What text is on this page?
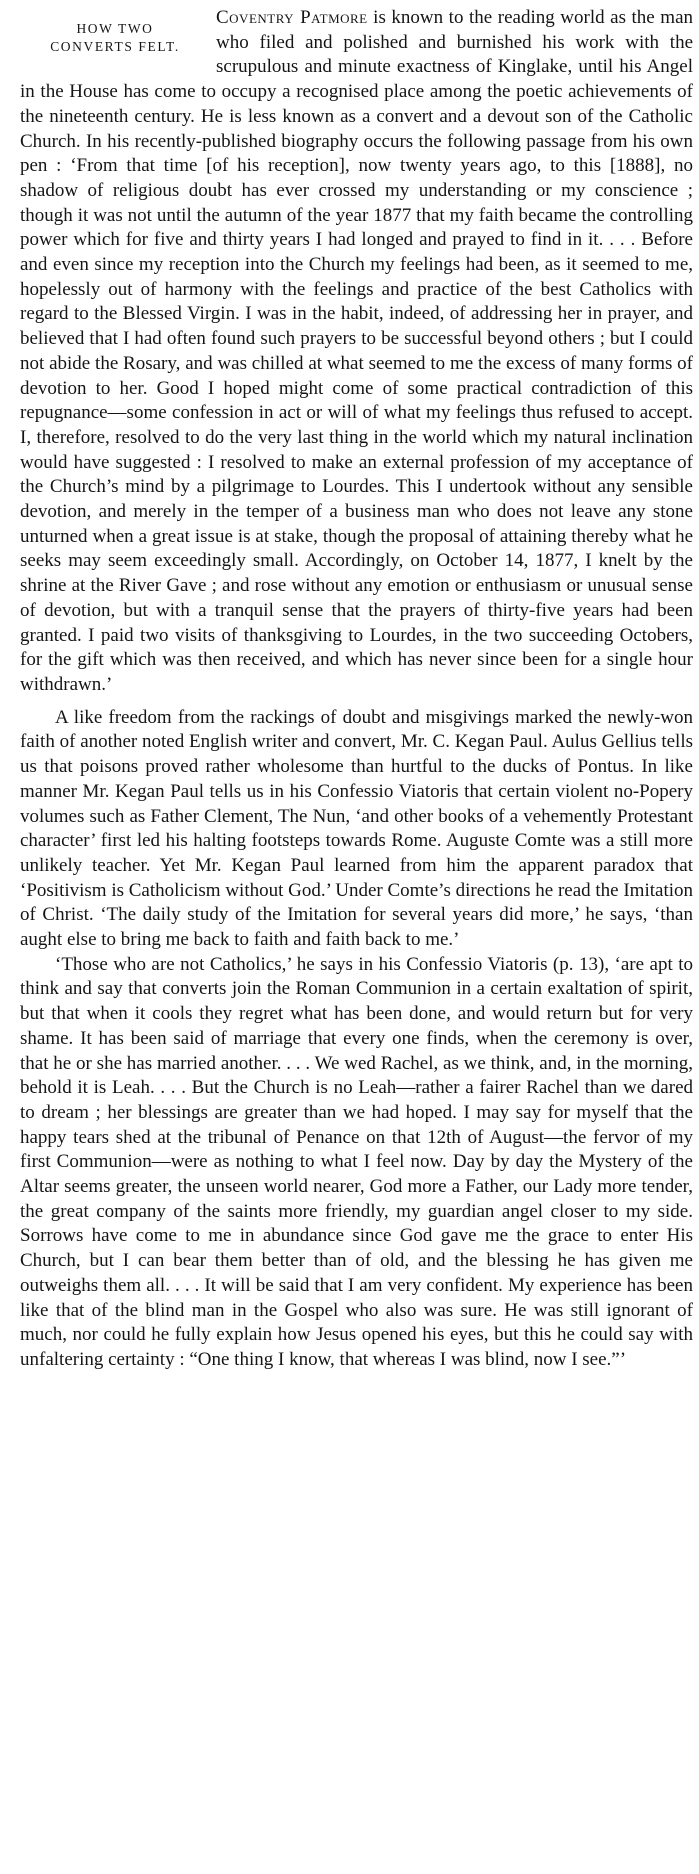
HOW TWO
CONVERTS FELT.

Coventry Patmore is known to the reading world as the man who filed and polished and burnished his work with the scrupulous and minute exactness of Kinglake, until his Angel in the House has come to occupy a recognised place among the poetic achievements of the nineteenth century. He is less known as a convert and a devout son of the Catholic Church. In his recently-published biography occurs the following passage from his own pen : ‘From that time [of his reception], now twenty years ago, to this [1888], no shadow of religious doubt has ever crossed my understanding or my conscience ; though it was not until the autumn of the year 1877 that my faith became the controlling power which for five and thirty years I had longed and prayed to find in it. . . . Before and even since my reception into the Church my feelings had been, as it seemed to me, hopelessly out of harmony with the feelings and practice of the best Catholics with regard to the Blessed Virgin. I was in the habit, indeed, of addressing her in prayer, and believed that I had often found such prayers to be successful beyond others ; but I could not abide the Rosary, and was chilled at what seemed to me the excess of many forms of devotion to her. Good I hoped might come of some practical contradiction of this repugnance—some confession in act or will of what my feelings thus refused to accept. I, therefore, resolved to do the very last thing in the world which my natural inclination would have suggested : I resolved to make an external profession of my acceptance of the Church’s mind by a pilgrimage to Lourdes. This I undertook without any sensible devotion, and merely in the temper of a business man who does not leave any stone unturned when a great issue is at stake, though the proposal of attaining thereby what he seeks may seem exceedingly small. Accordingly, on October 14, 1877, I knelt by the shrine at the River Gave ; and rose without any emotion or enthusiasm or unusual sense of devotion, but with a tranquil sense that the prayers of thirty-five years had been granted. I paid two visits of thanksgiving to Lourdes, in the two succeeding Octobers, for the gift which was then received, and which has never since been for a single hour withdrawn.’

A like freedom from the rackings of doubt and misgivings marked the newly-won faith of another noted English writer and convert, Mr. C. Kegan Paul. Aulus Gellius tells us that poisons proved rather wholesome than hurtful to the ducks of Pontus. In like manner Mr. Kegan Paul tells us in his Confessio Viatoris that certain violent no-Popery volumes such as Father Clement, The Nun, ‘and other books of a vehemently Protestant character’ first led his halting footsteps towards Rome. Auguste Comte was a still more unlikely teacher. Yet Mr. Kegan Paul learned from him the apparent paradox that ‘Positivism is Catholicism without God.’ Under Comte’s directions he read the Imitation of Christ. ‘The daily study of the Imitation for several years did more,’ he says, ‘than aught else to bring me back to faith and faith back to me.’

‘Those who are not Catholics,’ he says in his Confessio Viatoris (p. 13), ‘are apt to think and say that converts join the Roman Communion in a certain exaltation of spirit, but that when it cools they regret what has been done, and would return but for very shame. It has been said of marriage that every one finds, when the ceremony is over, that he or she has married another. . . . We wed Rachel, as we think, and, in the morning, behold it is Leah. . . . But the Church is no Leah—rather a fairer Rachel than we dared to dream ; her blessings are greater than we had hoped. I may say for myself that the happy tears shed at the tribunal of Penance on that 12th of August—the fervor of my first Communion—were as nothing to what I feel now. Day by day the Mystery of the Altar seems greater, the unseen world nearer, God more a Father, our Lady more tender, the great company of the saints more friendly, my guardian angel closer to my side. Sorrows have come to me in abundance since God gave me the grace to enter His Church, but I can bear them better than of old, and the blessing he has given me outweighs them all. . . . It will be said that I am very confident. My experience has been like that of the blind man in the Gospel who also was sure. He was still ignorant of much, nor could he fully explain how Jesus opened his eyes, but this he could say with unfaltering certainty : “One thing I know, that whereas I was blind, now I see.”’
